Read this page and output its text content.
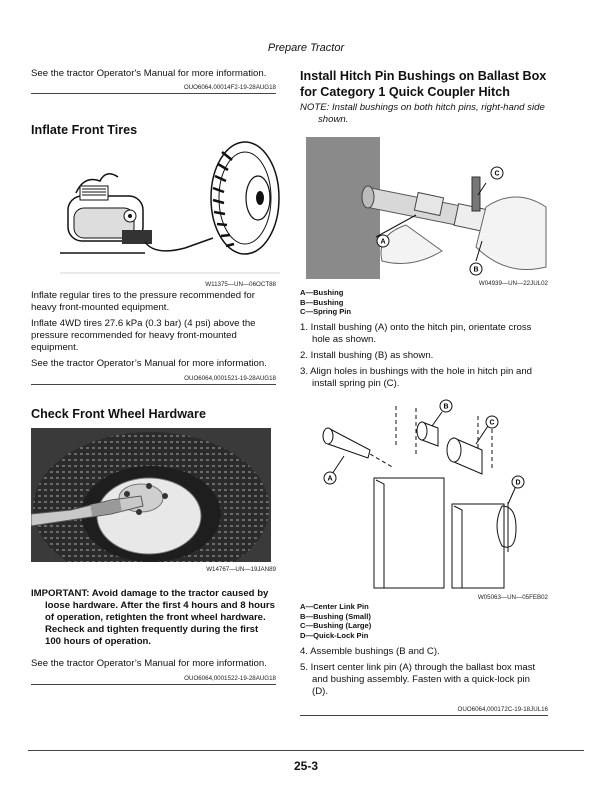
Prepare Tractor

See the tractor Operator's Manual for more information.

OUO6064,00014F2-19-28AUG18
Inflate Front Tires
W11375—UN—06OCT88

Inflate regular tires to the pressure recommended for heavy front-mounted equipment.

Inflate 4WD tires 27.6 kPa (0.3 bar) (4 psi) above the pressure recommended for heavy front-mounted equipment.

See the tractor Operator’s Manual for more information.

OUO6064,0001521-19-28AUG18
Check Front Wheel Hardware
W14767—UN—19JAN89

IMPORTANT: Avoid damage to the tractor caused by loose hardware. After the first 4 hours and 8 hours of operation, retighten the front wheel hardware. Recheck and tighten frequently during the first 100 hours of operation.

See the tractor Operator’s Manual for more information.

OUO6064,0001522-19-28AUG18
Install Hitch Pin Bushings on Ballast Box
for Category 1 Quick Coupler Hitch
NOTE: Install bushings on both hitch pins, right-hand side shown.
C
A
B
W04939—UN—22JUL02
A—Bushing
B—Bushing
C—Spring Pin

1. Install bushing (A) onto the hitch pin, orientate cross hole as shown.

2. Install bushing (B) as shown.

3. Align holes in bushings with the hole in hitch pin and install spring pin (C).

B
C
A
D
W05063—UN—05FEB02
A—Center Link Pin
B—Bushing (Small)
C—Bushing (Large)
D—Quick-Lock Pin

4. Assemble bushings (B and C).

5. Insert center link pin (A) through the ballast box mast and bushing assembly. Fasten with a quick-lock pin (D).

OUO6064,000172C-19-18JUL16
25-3
